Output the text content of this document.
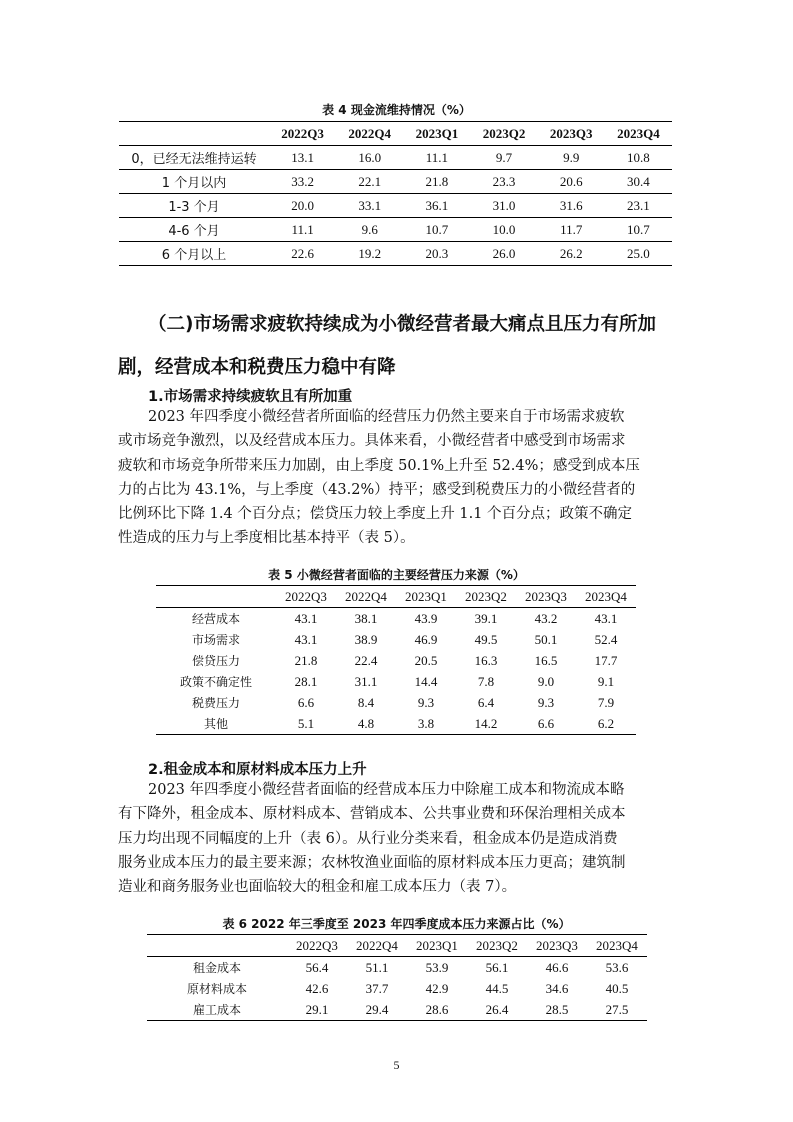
表 4 现金流维持情况（%）
	2022Q3	2022Q4	2023Q1	2023Q2	2023Q3	2023Q4
0，已经无法维持运转	13.1	16.0	11.1	9.7	9.9	10.8
1 个月以内	33.2	22.1	21.8	23.3	20.6	30.4
1-3 个月	20.0	33.1	36.1	31.0	31.6	23.1
4-6 个月	11.1	9.6	10.7	10.0	11.7	10.7
6 个月以上	22.6	19.2	20.3	26.0	26.2	25.0
（二)市场需求疲软持续成为小微经营者最大痛点且压力有所加
剧，经营成本和税费压力稳中有降
1.市场需求持续疲软且有所加重
2023 年四季度小微经营者所面临的经营压力仍然主要来自于市场需求疲软
或市场竞争激烈，以及经营成本压力。具体来看，小微经营者中感受到市场需求
疲软和市场竞争所带来压力加剧，由上季度 50.1%上升至 52.4%；感受到成本压
力的占比为 43.1%，与上季度（43.2%）持平；感受到税费压力的小微经营者的
比例环比下降 1.4 个百分点；偿贷压力较上季度上升 1.1 个百分点；政策不确定
性造成的压力与上季度相比基本持平（表 5）。
表 5 小微经营者面临的主要经营压力来源（%）
	2022Q3	2022Q4	2023Q1	2023Q2	2023Q3	2023Q4
经营成本	43.1	38.1	43.9	39.1	43.2	43.1
市场需求	43.1	38.9	46.9	49.5	50.1	52.4
偿贷压力	21.8	22.4	20.5	16.3	16.5	17.7
政策不确定性	28.1	31.1	14.4	7.8	9.0	9.1
税费压力	6.6	8.4	9.3	6.4	9.3	7.9
其他	5.1	4.8	3.8	14.2	6.6	6.2
2.租金成本和原材料成本压力上升
2023 年四季度小微经营者面临的经营成本压力中除雇工成本和物流成本略
有下降外，租金成本、原材料成本、营销成本、公共事业费和环保治理相关成本
压力均出现不同幅度的上升（表 6）。从行业分类来看，租金成本仍是造成消费
服务业成本压力的最主要来源；农林牧渔业面临的原材料成本压力更高；建筑制
造业和商务服务业也面临较大的租金和雇工成本压力（表 7）。
表 6 2022 年三季度至 2023 年四季度成本压力来源占比（%）
	2022Q3	2022Q4	2023Q1	2023Q2	2023Q3	2023Q4
租金成本	56.4	51.1	53.9	56.1	46.6	53.6
原材料成本	42.6	37.7	42.9	44.5	34.6	40.5
雇工成本	29.1	29.4	28.6	26.4	28.5	27.5
5
